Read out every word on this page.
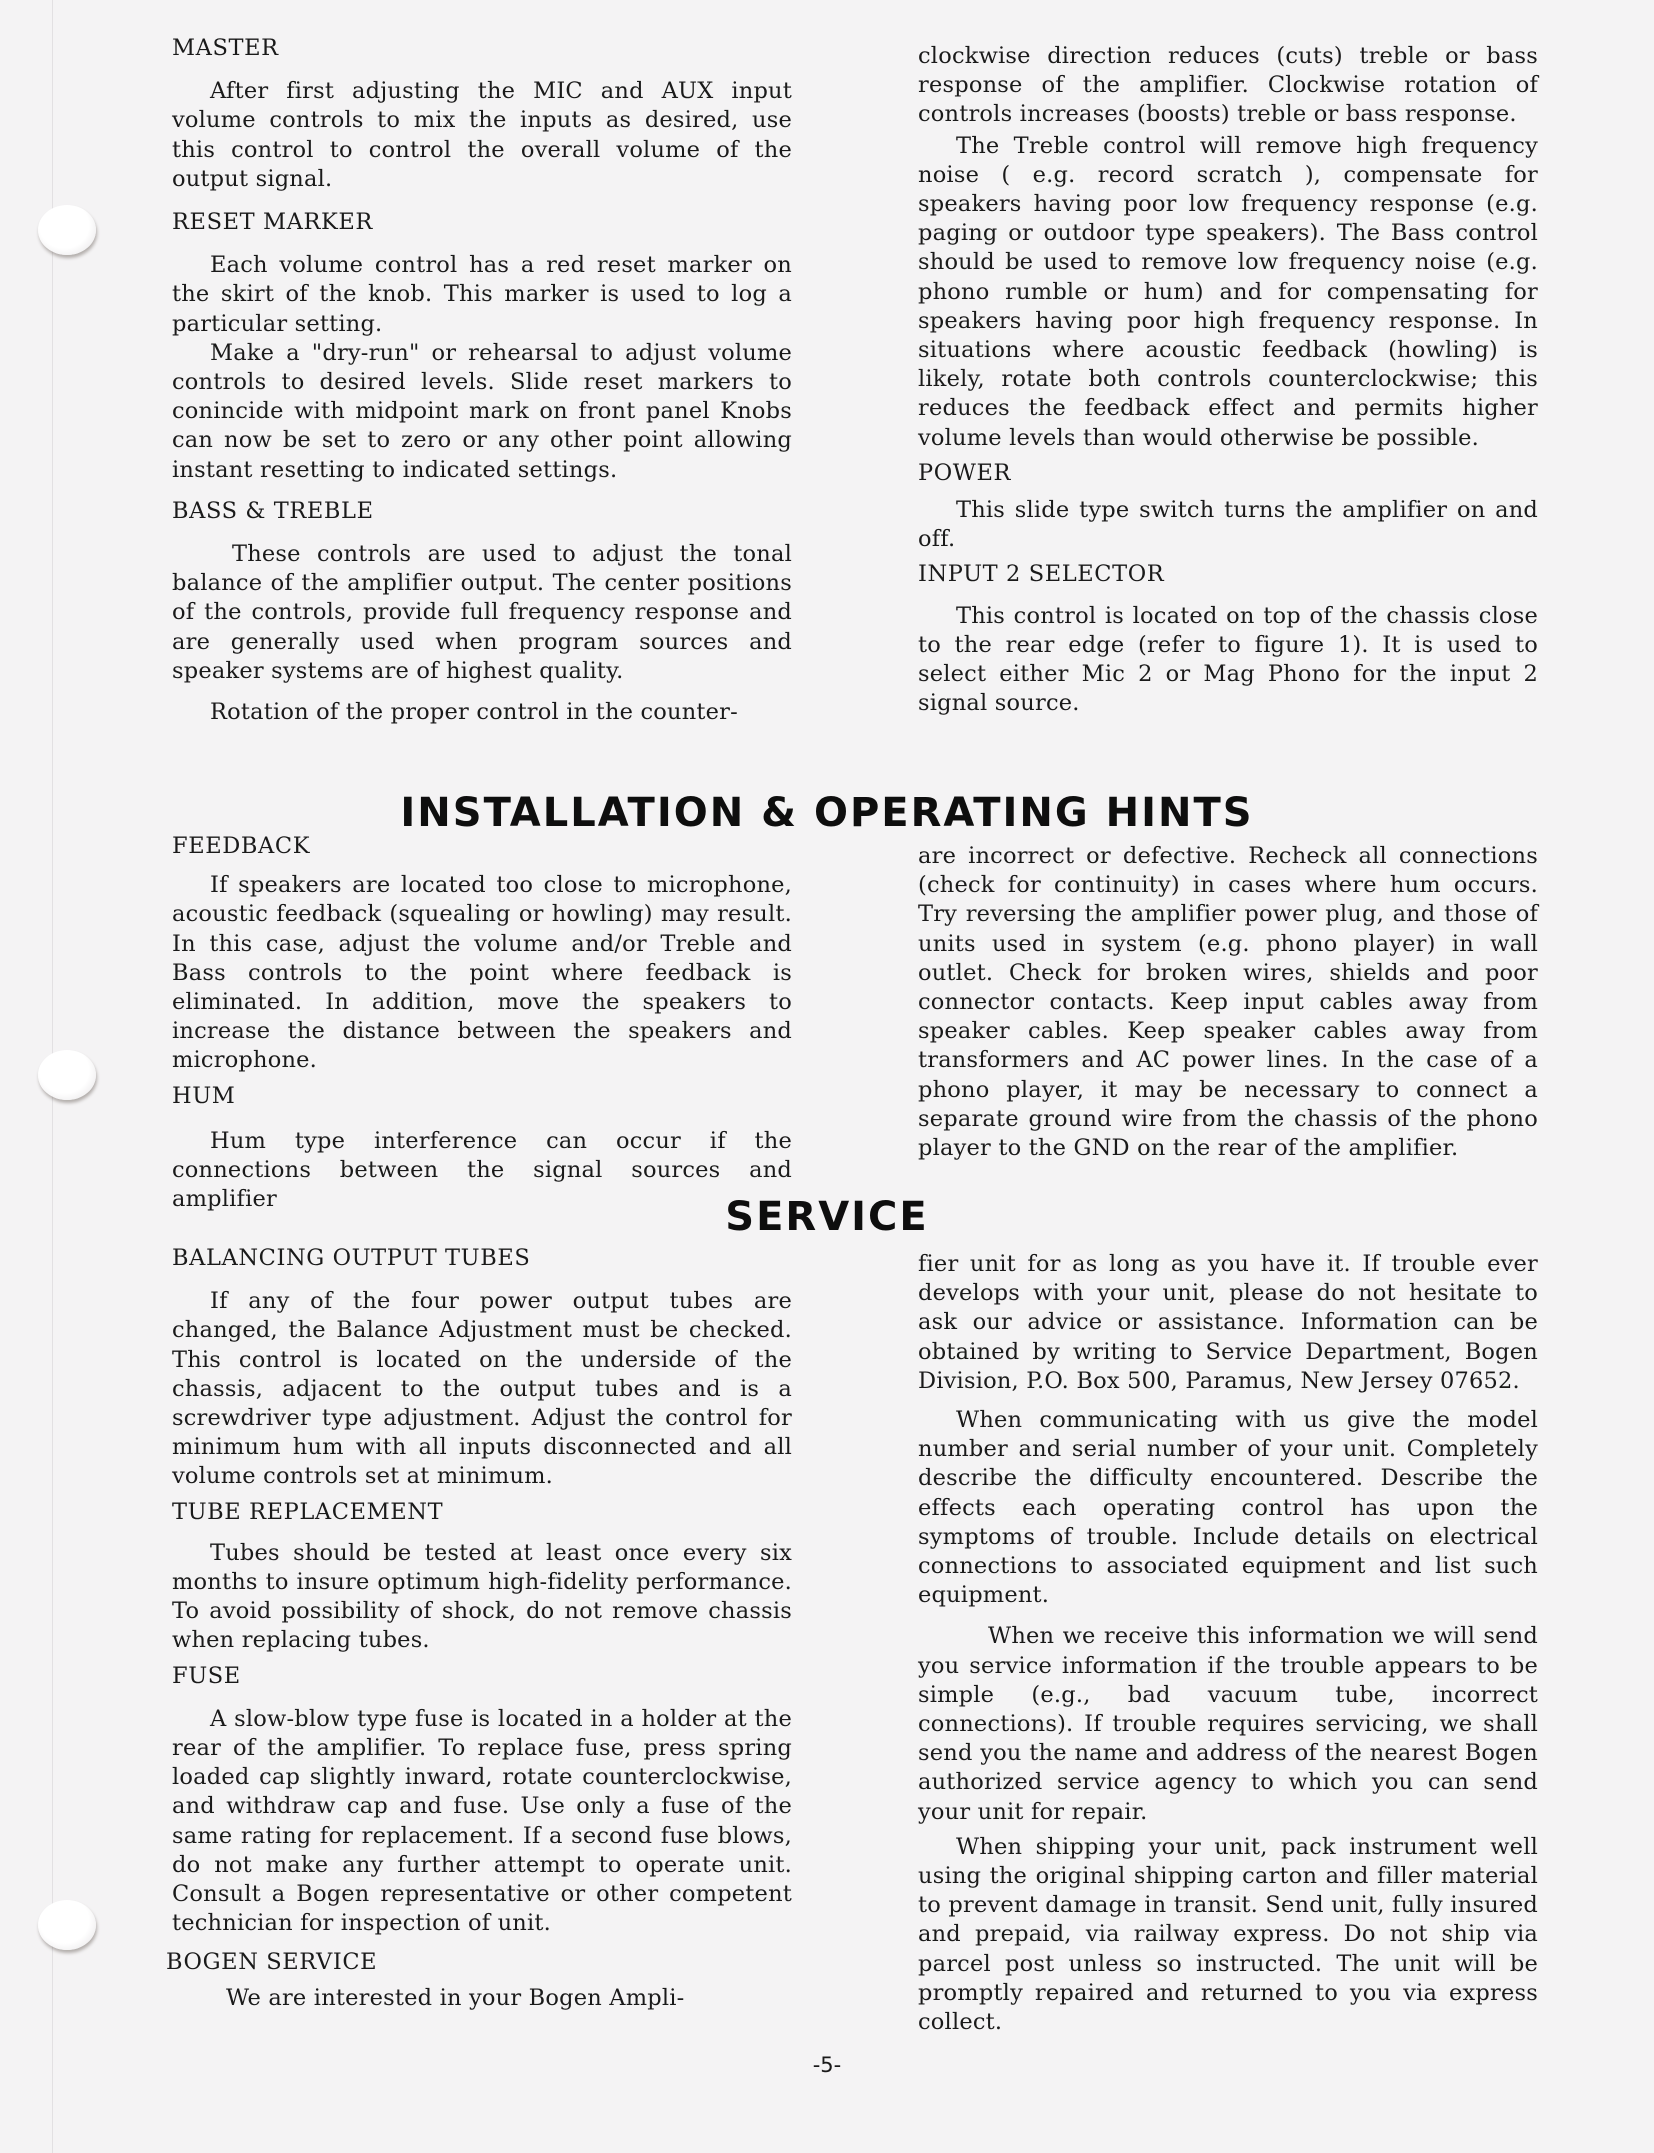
MASTER
After first adjusting the MIC and AUX input volume controls to mix the inputs as desired, use this control to control the overall volume of the output signal.
RESET MARKER
Each volume control has a red reset marker on the skirt of the knob. This marker is used to log a particular setting.
Make a "dry-run" or rehearsal to adjust volume controls to desired levels. Slide reset markers to conincide with midpoint mark on front panel Knobs can now be set to zero or any other point allowing instant resetting to indicated settings.
BASS & TREBLE
These controls are used to adjust the tonal balance of the amplifier output. The center positions of the controls, provide full frequency response and are generally used when program sources and speaker systems are of highest quality.
Rotation of the proper control in the counter-
clockwise direction reduces (cuts) treble or bass response of the amplifier. Clockwise rotation of controls increases (boosts) treble or bass response.
The Treble control will remove high frequency noise ( e.g. record scratch ), compensate for speakers having poor low frequency response (e.g. paging or outdoor type speakers). The Bass control should be used to remove low frequency noise (e.g. phono rumble or hum) and for compensating for speakers having poor high frequency response. In situations where acoustic feedback (howling) is likely, rotate both controls counterclockwise; this reduces the feedback effect and permits higher volume levels than would otherwise be possible.
POWER
This slide type switch turns the amplifier on and off.
INPUT 2 SELECTOR
This control is located on top of the chassis close to the rear edge (refer to figure 1). It is used to select either Mic 2 or Mag Phono for the input 2 signal source.
INSTALLATION & OPERATING HINTS
FEEDBACK
If speakers are located too close to microphone, acoustic feedback (squealing or howling) may result. In this case, adjust the volume and/or Treble and Bass controls to the point where feedback is eliminated. In addition, move the speakers to increase the distance between the speakers and microphone.
HUM
Hum type interference can occur if the connections between the signal sources and amplifier
are incorrect or defective. Recheck all connections (check for continuity) in cases where hum occurs. Try reversing the amplifier power plug, and those of units used in system (e.g. phono player) in wall outlet. Check for broken wires, shields and poor connector contacts. Keep input cables away from speaker cables. Keep speaker cables away from transformers and AC power lines. In the case of a phono player, it may be necessary to connect a separate ground wire from the chassis of the phono player to the GND on the rear of the amplifier.
SERVICE
BALANCING OUTPUT TUBES
If any of the four power output tubes are changed, the Balance Adjustment must be checked. This control is located on the underside of the chassis, adjacent to the output tubes and is a screwdriver type adjustment. Adjust the control for minimum hum with all inputs disconnected and all volume controls set at minimum.
TUBE REPLACEMENT
Tubes should be tested at least once every six months to insure optimum high-fidelity performance. To avoid possibility of shock, do not remove chassis when replacing tubes.
FUSE
A slow-blow type fuse is located in a holder at the rear of the amplifier. To replace fuse, press spring loaded cap slightly inward, rotate counterclockwise, and withdraw cap and fuse. Use only a fuse of the same rating for replacement. If a second fuse blows, do not make any further attempt to operate unit. Consult a Bogen representative or other competent technician for inspection of unit.
BOGEN SERVICE
We are interested in your Bogen Ampli-
fier unit for as long as you have it. If trouble ever develops with your unit, please do not hesitate to ask our advice or assistance. Information can be obtained by writing to Service Department, Bogen Division, P.O. Box 500, Paramus, New Jersey 07652.
When communicating with us give the model number and serial number of your unit. Completely describe the difficulty encountered. Describe the effects each operating control has upon the symptoms of trouble. Include details on electrical connections to associated equipment and list such equipment.
When we receive this information we will send you service information if the trouble appears to be simple (e.g., bad vacuum tube, incorrect connections). If trouble requires servicing, we shall send you the name and address of the nearest Bogen authorized service agency to which you can send your unit for repair.
When shipping your unit, pack instrument well using the original shipping carton and filler material to prevent damage in transit. Send unit, fully insured and prepaid, via railway express. Do not ship via parcel post unless so instructed. The unit will be promptly repaired and returned to you via express collect.
-5-
